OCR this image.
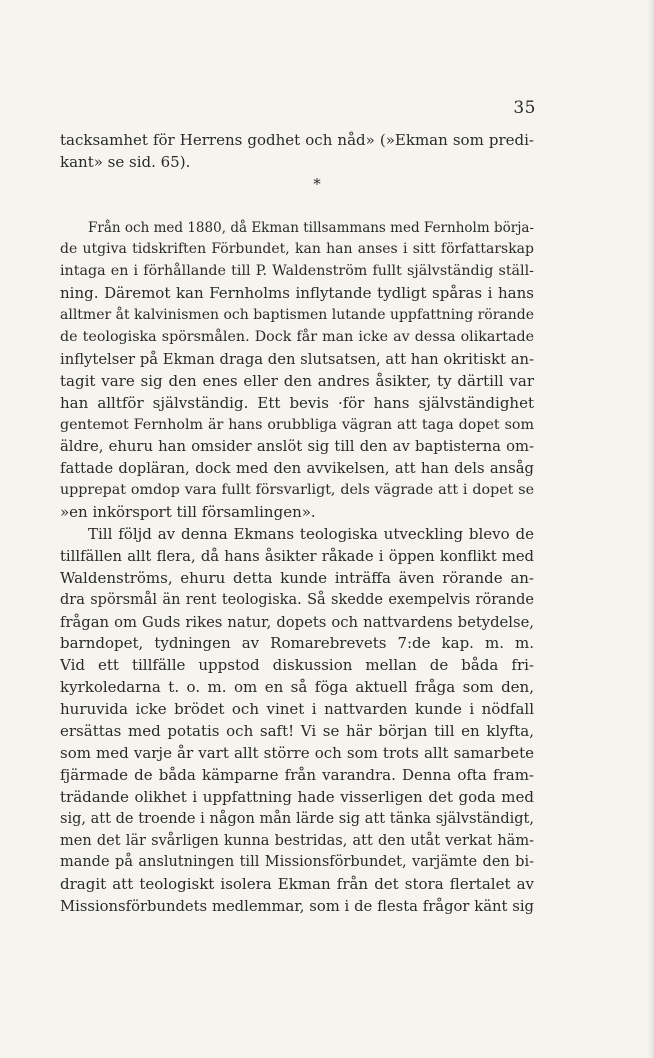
35
tacksamhet för Herrens godhet och nåd» (»Ekman som predi-
kant» se sid. 65).
*
Från och med 1880, då Ekman tillsammans med Fernholm börja-
de utgiva tidskriften Förbundet, kan han anses i sitt författarskap
intaga en i förhållande till P. Waldenström fullt självständig ställ-
ning. Däremot kan Fernholms inflytande tydligt spåras i hans
alltmer åt kalvinismen och baptismen lutande uppfattning rörande
de teologiska spörsmålen. Dock får man icke av dessa olikartade
inflytelser på Ekman draga den slutsatsen, att han okritiskt an-
tagit vare sig den enes eller den andres åsikter, ty därtill var
han alltför självständig. Ett bevis ·för hans självständighet
gentemot Fernholm är hans orubbliga vägran att taga dopet som
äldre, ehuru han omsider anslöt sig till den av baptisterna om-
fattade dopläran, dock med den avvikelsen, att han dels ansåg
upprepat omdop vara fullt försvarligt, dels vägrade att i dopet se
»en inkörsport till församlingen».
Till följd av denna Ekmans teologiska utveckling blevo de
tillfällen allt flera, då hans åsikter råkade i öppen konflikt med
Waldenströms, ehuru detta kunde inträffa även rörande an-
dra spörsmål än rent teologiska. Så skedde exempelvis rörande
frågan om Guds rikes natur, dopets och nattvardens betydelse,
barndopet, tydningen av Romarebrevets 7:de kap. m. m.
Vid ett tillfälle uppstod diskussion mellan de båda fri-
kyrkoledarna t. o. m. om en så föga aktuell fråga som den,
huruvida icke brödet och vinet i nattvarden kunde i nödfall
ersättas med potatis och saft! Vi se här början till en klyfta,
som med varje år vart allt större och som trots allt samarbete
fjärmade de båda kämparne från varandra. Denna ofta fram-
trädande olikhet i uppfattning hade visserligen det goda med
sig, att de troende i någon mån lärde sig att tänka självständigt,
men det lär svårligen kunna bestridas, att den utåt verkat häm-
mande på anslutningen till Missionsförbundet, varjämte den bi-
dragit att teologiskt isolera Ekman från det stora flertalet av
Missionsförbundets medlemmar, som i de flesta frågor känt sig
